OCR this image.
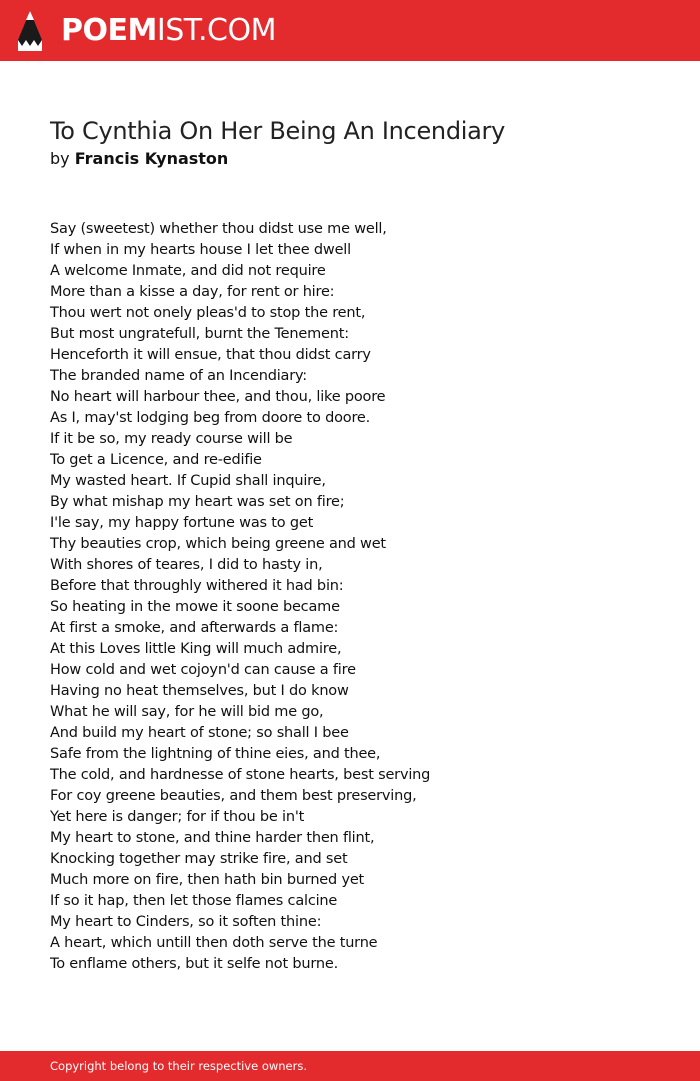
POEMIST.COM
To Cynthia On Her Being An Incendiary
by Francis Kynaston
Say (sweetest) whether thou didst use me well,
If when in my hearts house I let thee dwell
A welcome Inmate, and did not require
More than a kisse a day, for rent or hire:
Thou wert not onely pleas'd to stop the rent,
But most ungratefull, burnt the Tenement:
Henceforth it will ensue, that thou didst carry
The branded name of an Incendiary:
No heart will harbour thee, and thou, like poore
As I, may'st lodging beg from doore to doore.
If it be so, my ready course will be
To get a Licence, and re-edifie
My wasted heart. If Cupid shall inquire,
By what mishap my heart was set on fire;
I'le say, my happy fortune was to get
Thy beauties crop, which being greene and wet
With shores of teares, I did to hasty in,
Before that throughly withered it had bin:
So heating in the mowe it soone became
At first a smoke, and afterwards a flame:
At this Loves little King will much admire,
How cold and wet cojoyn'd can cause a fire
Having no heat themselves, but I do know
What he will say, for he will bid me go,
And build my heart of stone; so shall I bee
Safe from the lightning of thine eies, and thee,
The cold, and hardnesse of stone hearts, best serving
For coy greene beauties, and them best preserving,
Yet here is danger; for if thou be in't
My heart to stone, and thine harder then flint,
Knocking together may strike fire, and set
Much more on fire, then hath bin burned yet
If so it hap, then let those flames calcine
My heart to Cinders, so it soften thine:
A heart, which untill then doth serve the turne
To enflame others, but it selfe not burne.
Copyright belong to their respective owners.
